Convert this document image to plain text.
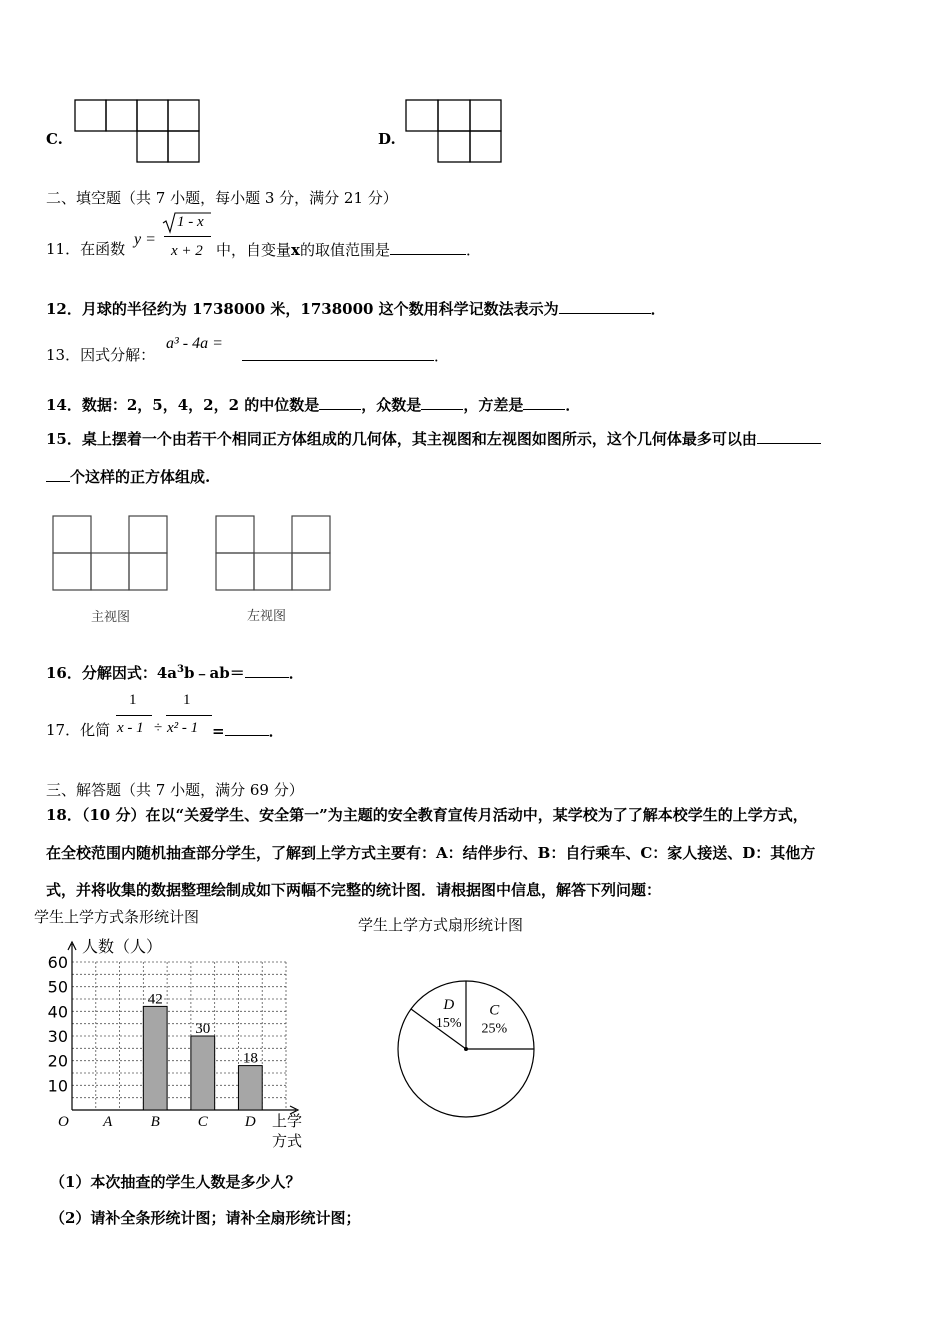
C.	D.
二、填空题（共 7 小题，每小题 3 分，满分 21 分）
11．在函数
y =
1 - x
x + 2 中，自变量x的取值范围是	．
12．月球的半径约为 1738000 米，1738000 这个数用科学记数法表示为	．
13．因式分解：
a³ - 4a =
．
14．数据：2，5，4，2，2 的中位数是	，众数是	，方差是	．
15．桌上摆着一个由若干个相同正方体组成的几何体，其主视图和左视图如图所示，这个几何体最多可以由
个这样的正方体组成.
主视图	左视图
16．分解因式：$4a^3b﹣ab=$	．
17．化简
1
x - 1 ÷
1
x² - 1 =	．
三、解答题（共 7 小题，满分 69 分）
18．（10 分）在以“关爱学生、安全第一”为主题的安全教育宣传月活动中，某学校为了了解本校学生的上学方式，
在全校范围内随机抽查部分学生，了解到上学方式主要有：A：结伴步行、B：自行乘车、C：家人接送、D：其他方
式，并将收集的数据整理绘制成如下两幅不完整的统计图．请根据图中信息，解答下列问题：
学生上学方式条形统计图
10
20
30
40
50
60
A	B
42
C
30
D
18
人数（人）
O	上学
方式
学生上学方式扇形统计图
D
15%
C
25%
（1）本次抽查的学生人数是多少人？
（2）请补全条形统计图；请补全扇形统计图；
